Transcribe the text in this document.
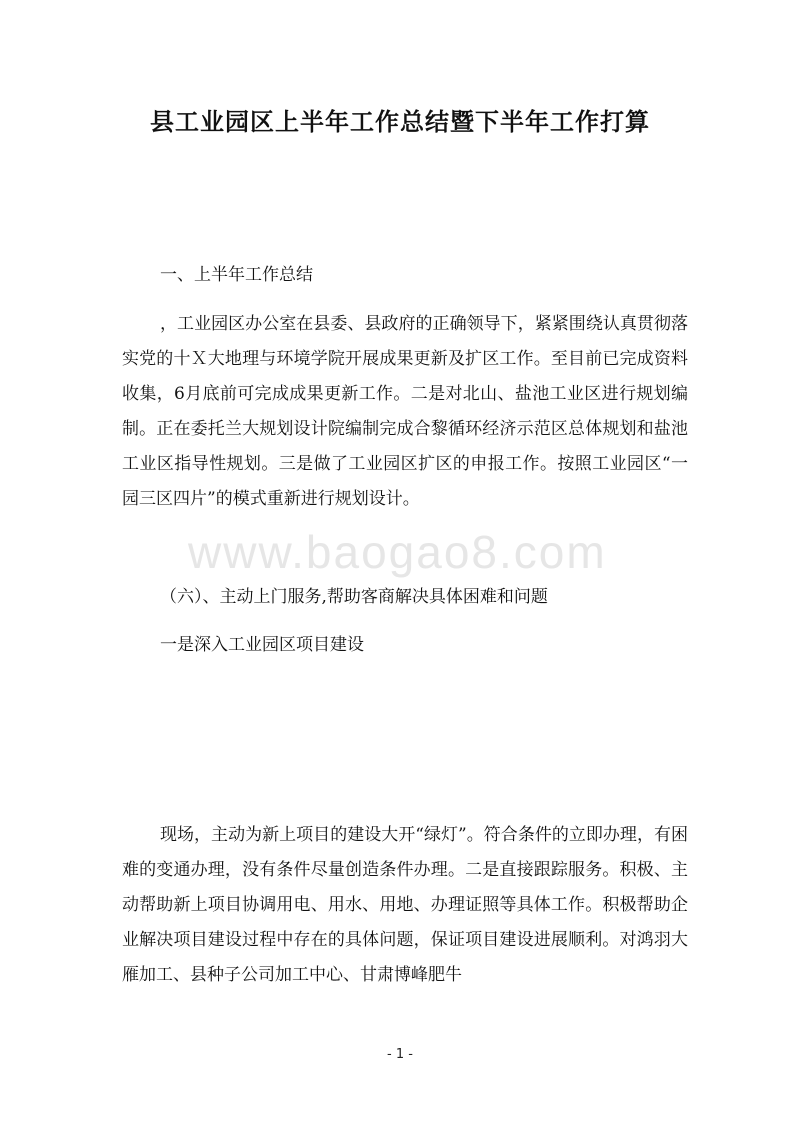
县工业园区上半年工作总结暨下半年工作打算

一、上半年工作总结

，工业园区办公室在县委、县政府的正确领导下，紧紧围绕认真贯彻落实党的十Ｘ大地理与环境学院开展成果更新及扩区工作。至目前已完成资料收集，6月底前可完成成果更新工作。二是对北山、盐池工业区进行规划编制。正在委托兰大规划设计院编制完成合黎循环经济示范区总体规划和盐池工业区指导性规划。三是做了工业园区扩区的申报工作。按照工业园区“一园三区四片”的模式重新进行规划设计。

www.baogao8.com

（六）、主动上门服务,帮助客商解决具体困难和问题

一是深入工业园区项目建设

现场，主动为新上项目的建设大开“绿灯”。符合条件的立即办理，有困难的变通办理，没有条件尽量创造条件办理。二是直接跟踪服务。积极、主动帮助新上项目协调用电、用水、用地、办理证照等具体工作。积极帮助企业解决项目建设过程中存在的具体问题，保证项目建设进展顺利。对鸿羽大雁加工、县种子公司加工中心、甘肃博峰肥牛

- 1 -
